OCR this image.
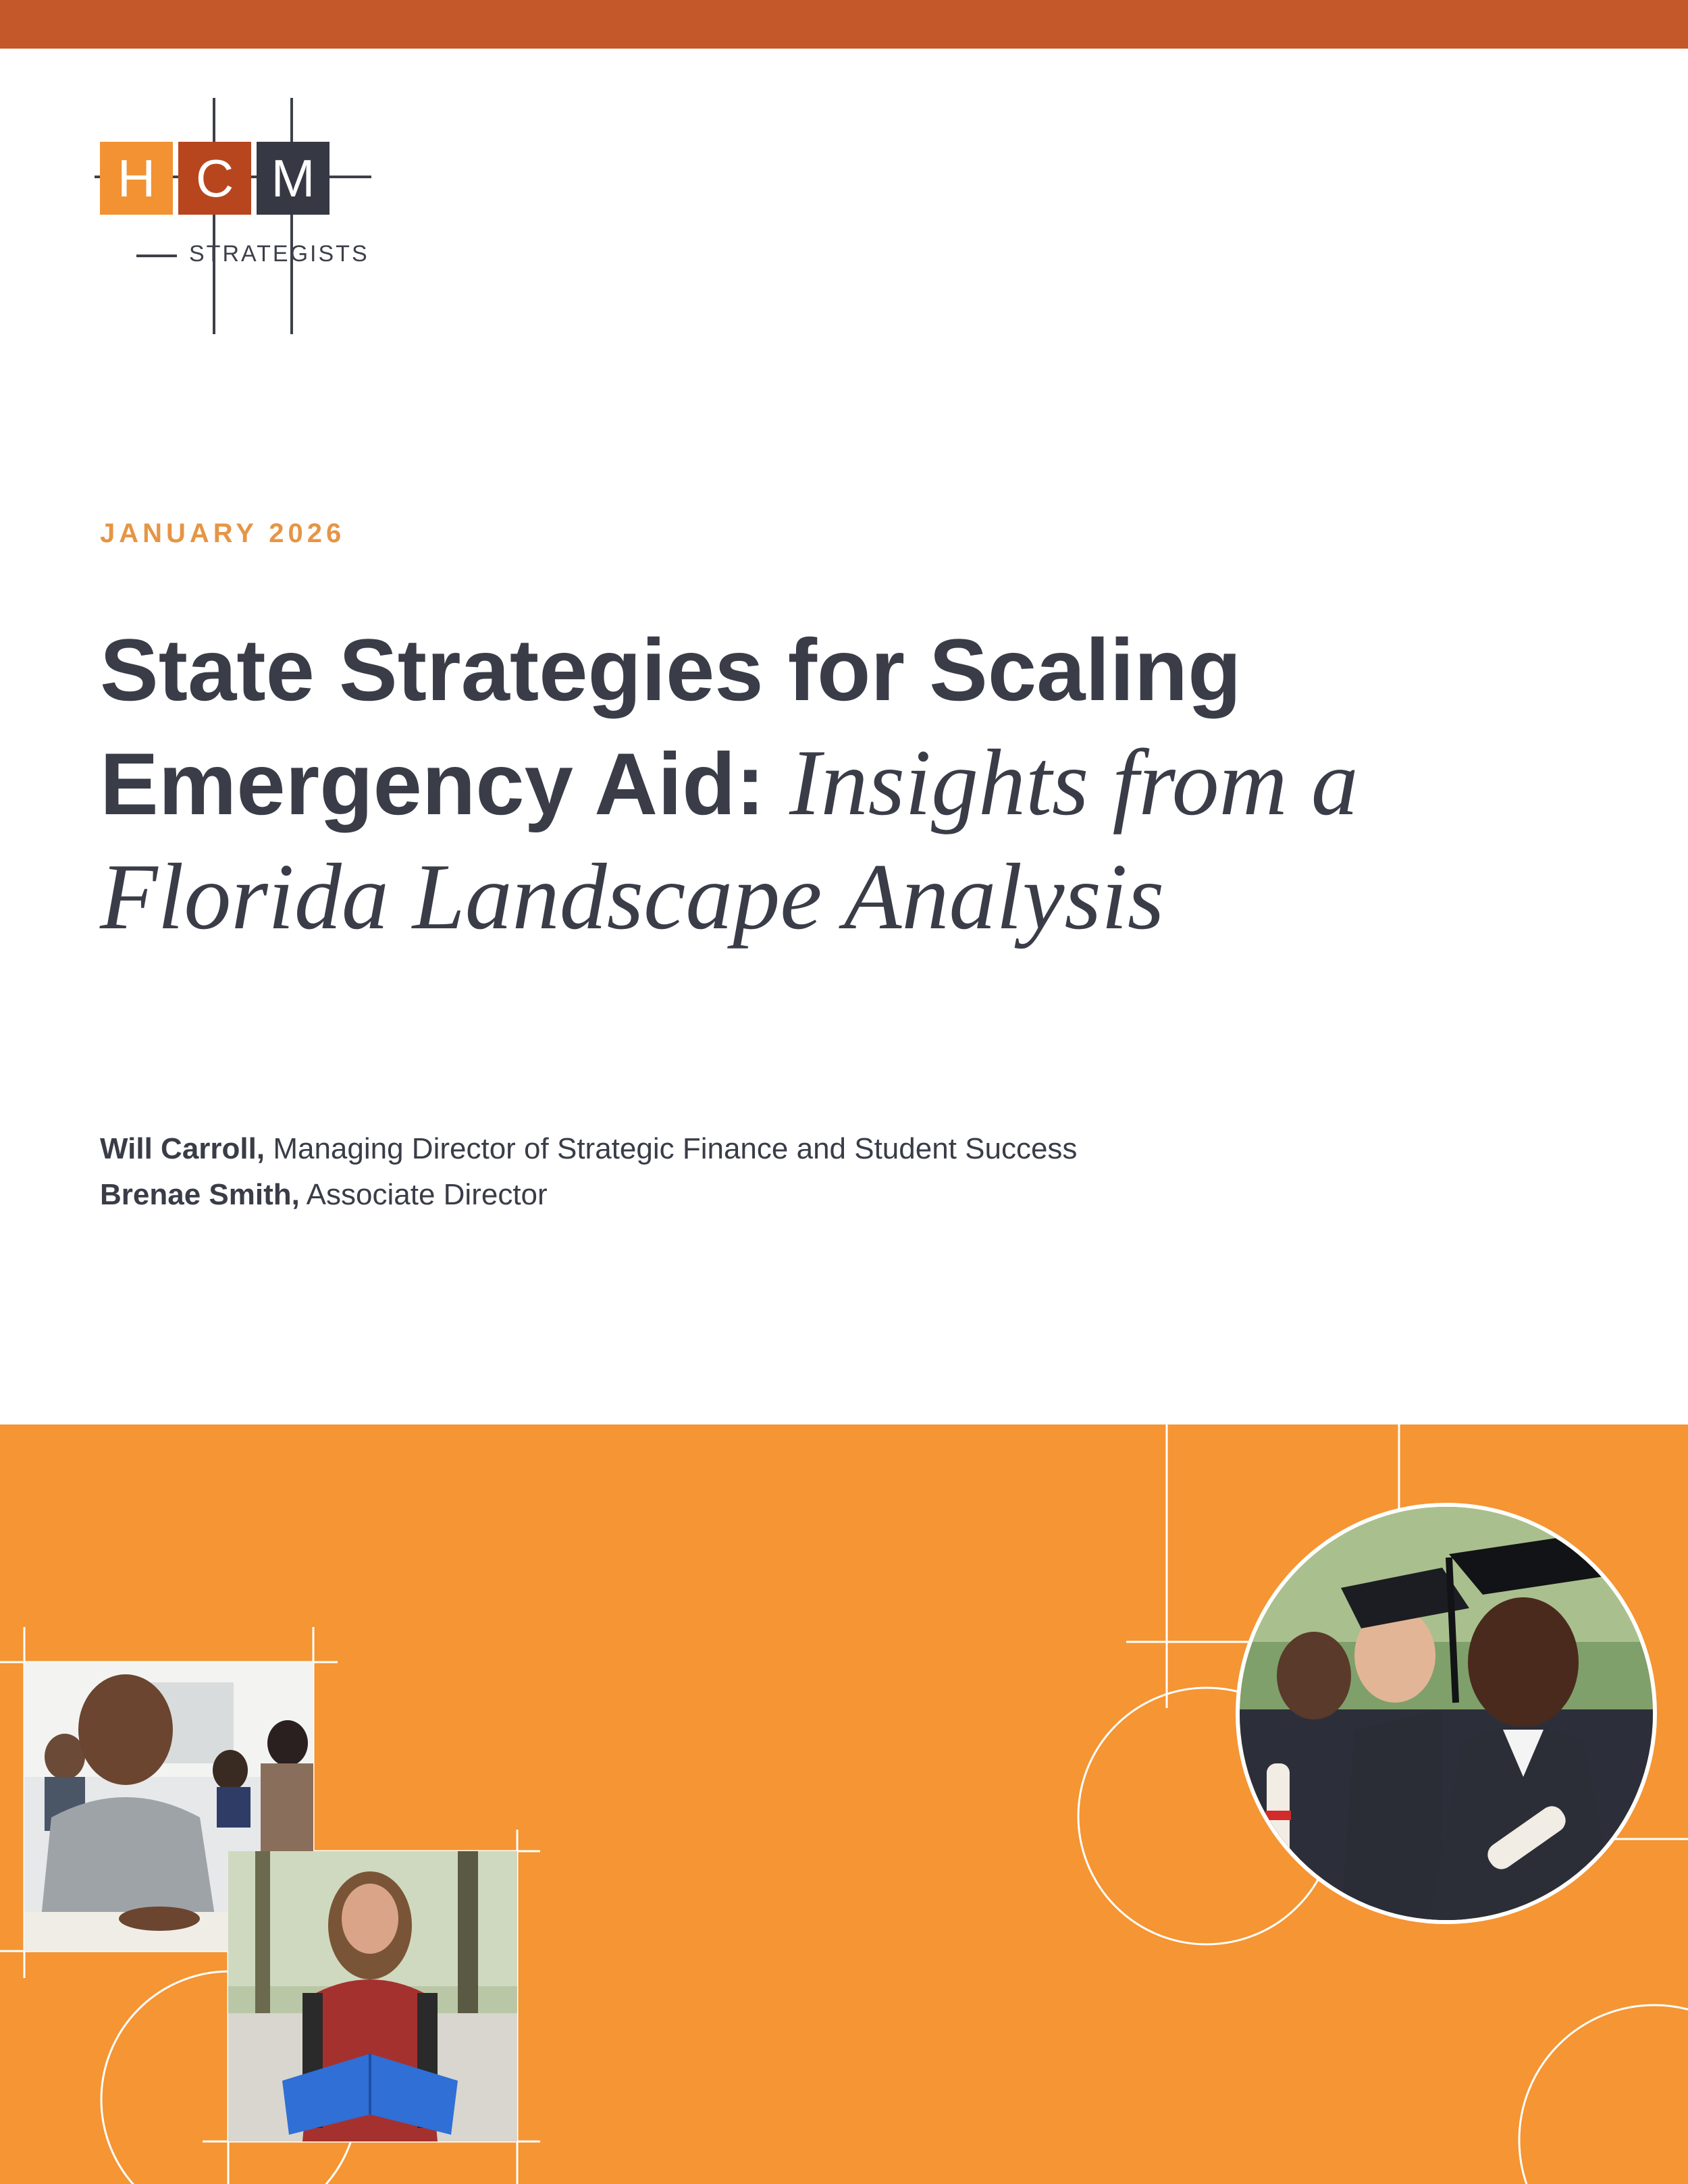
H C M
STRATEGISTS
JANUARY 2026
State Strategies for Scaling Emergency Aid: Insights from a Florida Landscape Analysis
Will Carroll, Managing Director of Strategic Finance and Student Success
Brenae Smith, Associate Director
